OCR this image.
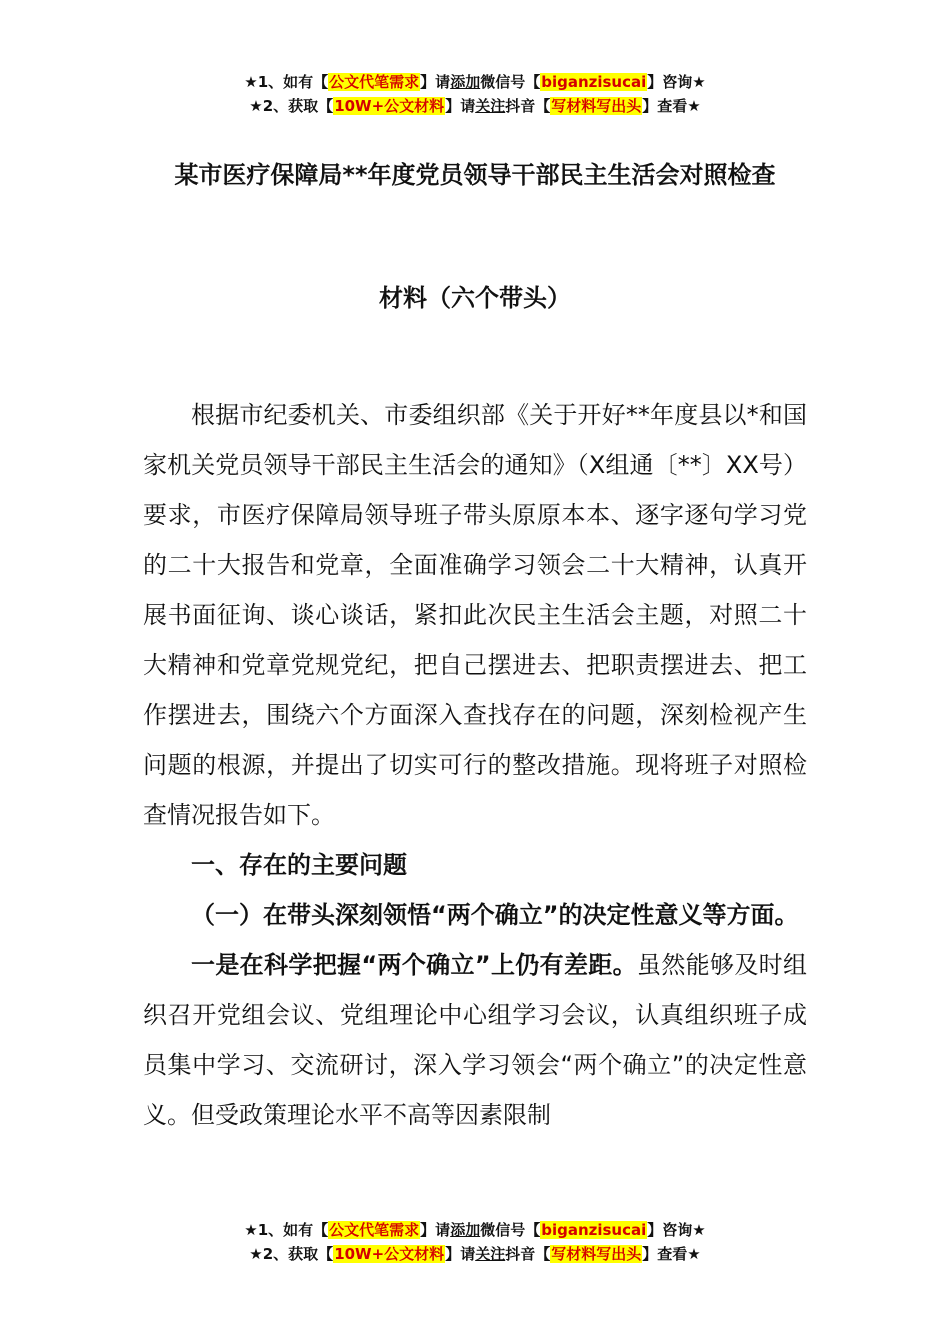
★1、如有【公文代笔需求】请添加微信号【biganzisucai】咨询★
★2、获取【10W+公文材料】请关注抖音【写材料写出头】查看★
某市医疗保障局**年度党员领导干部民主生活会对照检查
材料（六个带头）

根据市纪委机关、市委组织部《关于开好**年度县以*和国家机关党员领导干部民主生活会的通知》（X组通〔**〕XX号）要求，市医疗保障局领导班子带头原原本本、逐字逐句学习党的二十大报告和党章，全面准确学习领会二十大精神，认真开展书面征询、谈心谈话，紧扣此次民主生活会主题，对照二十大精神和党章党规党纪，把自己摆进去、把职责摆进去、把工作摆进去，围绕六个方面深入查找存在的问题，深刻检视产生问题的根源，并提出了切实可行的整改措施。现将班子对照检查情况报告如下。

一、存在的主要问题

（一）在带头深刻领悟“两个确立”的决定性意义等方面。

一是在科学把握“两个确立”上仍有差距。虽然能够及时组织召开党组会议、党组理论中心组学习会议，认真组织班子成员集中学习、交流研讨，深入学习领会“两个确立”的决定性意义。但受政策理论水平不高等因素限制

★1、如有【公文代笔需求】请添加微信号【biganzisucai】咨询★
★2、获取【10W+公文材料】请关注抖音【写材料写出头】查看★
